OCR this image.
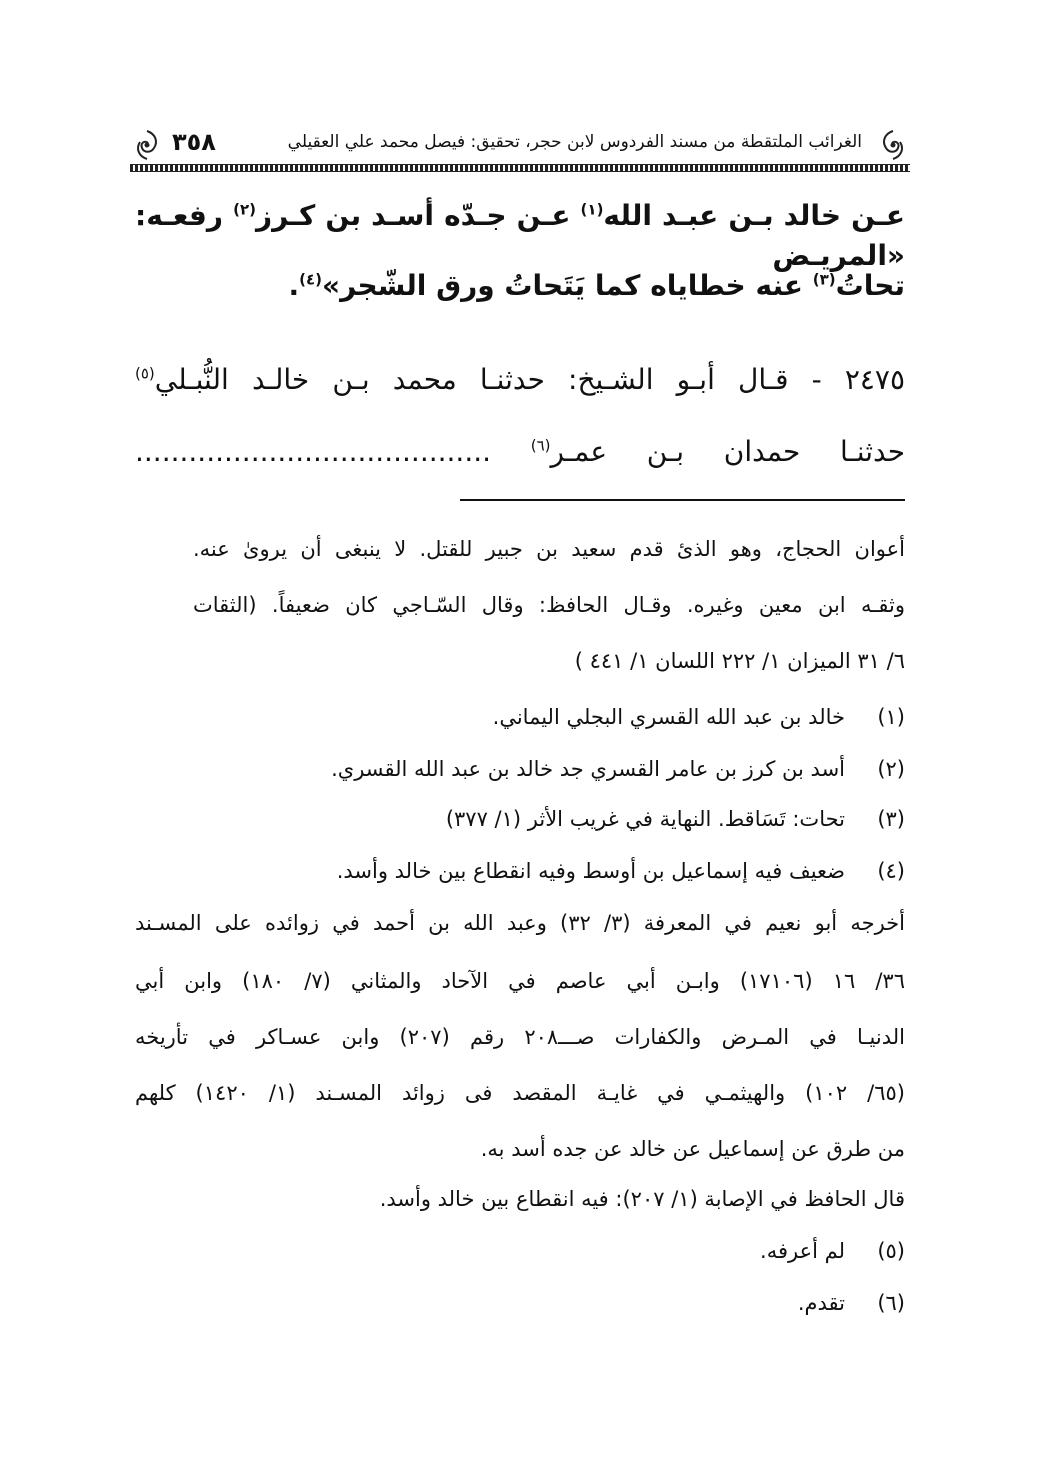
الغرائب الملتقطة من مسند الفردوس لابن حجر، تحقيق: فيصل محمد علي العقيلي
٣٥٨
عـن خالد بـن عبـد الله$^{(١)}$ عـن جـدّه أسـد بن كـرز$^{(٢)}$ رفعـه: «المريـض
تحاتُ$^{(٣)}$ عنه خطاياه كما يَتَحاتُ ورق الشّجر»$^{(٤)}$.
٢٤٧٥ - قـال أبـو الشـيخ: حدثنـا محمد بـن خالـد النُّبـلي$^{(٥)}$
حدثنـا حمدان بـن عمـر$^{(٦)}$ ........................................
أعوان الحجاج، وهو الذئ قدم سعيد بن جبير للقتل. لا ينبغى أن يروىٰ عنه.
وثقـه ابن معين وغيره. وقـال الحافظ: وقال السّـاجي كان ضعيفاً. (الثقات
٦/ ٣١ الميزان ١/ ٢٢٢ اللسان ١/ ٤٤١ )
(١)خالد بن عبد الله القسري البجلي اليماني.
(٢)أسد بن كرز بن عامر القسري جد خالد بن عبد الله القسري.
(٣)تحات: تَسَاقط. النهاية في غريب الأثر (١/ ٣٧٧)
(٤)ضعيف فيه إسماعيل بن أوسط وفيه انقطاع بين خالد وأسد.
أخرجه أبو نعيم في المعرفة (٣/ ٣٢) وعبد الله بن أحمد في زوائده على المسـند
٣٦/ ١٦ (١٧١٠٦) وابـن أبي عاصم في الآحاد والمثاني (٧/ ١٨٠) وابن أبي
الدنيـا في المـرض والكفارات صـــ٢٠٨ رقم (٢٠٧) وابن عسـاكر في تأريخه
(٦٥/ ١٠٢) والهيثمـي في غايـة المقصد فى زوائد المسـند (١/ ١٤٢٠) كلهم
من طرق عن إسماعيل عن خالد عن جده أسد به.
قال الحافظ في الإصابة (١/ ٢٠٧): فيه انقطاع بين خالد وأسد.
(٥)لم أعرفه.
(٦)تقدم.
